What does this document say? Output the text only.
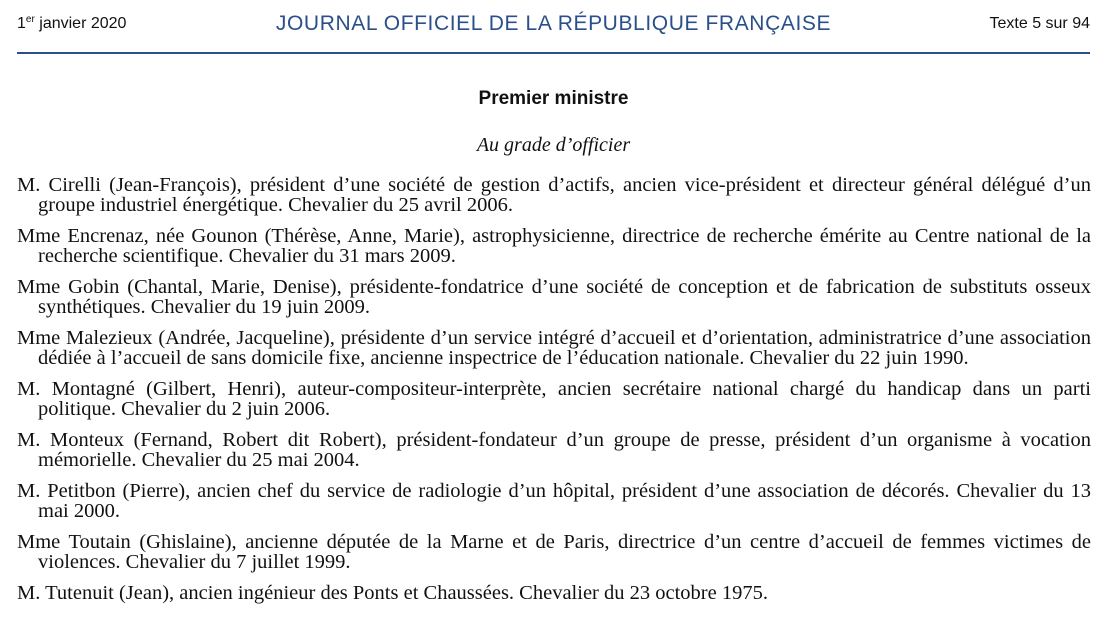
1er janvier 2020	JOURNAL OFFICIEL DE LA RÉPUBLIQUE FRANÇAISE	Texte 5 sur 94
Premier ministre
Au grade d’officier
M. Cirelli (Jean-François), président d’une société de gestion d’actifs, ancien vice-président et directeur général délégué d’un groupe industriel énergétique. Chevalier du 25 avril 2006.
Mme Encrenaz, née Gounon (Thérèse, Anne, Marie), astrophysicienne, directrice de recherche émérite au Centre national de la recherche scientifique. Chevalier du 31 mars 2009.
Mme Gobin (Chantal, Marie, Denise), présidente-fondatrice d’une société de conception et de fabrication de substituts osseux synthétiques. Chevalier du 19 juin 2009.
Mme Malezieux (Andrée, Jacqueline), présidente d’un service intégré d’accueil et d’orientation, administratrice d’une association dédiée à l’accueil de sans domicile fixe, ancienne inspectrice de l’éducation nationale. Chevalier du 22 juin 1990.
M. Montagné (Gilbert, Henri), auteur-compositeur-interprète, ancien secrétaire national chargé du handicap dans un parti politique. Chevalier du 2 juin 2006.
M. Monteux (Fernand, Robert dit Robert), président-fondateur d’un groupe de presse, président d’un organisme à vocation mémorielle. Chevalier du 25 mai 2004.
M. Petitbon (Pierre), ancien chef du service de radiologie d’un hôpital, président d’une association de décorés. Chevalier du 13 mai 2000.
Mme Toutain (Ghislaine), ancienne députée de la Marne et de Paris, directrice d’un centre d’accueil de femmes victimes de violences. Chevalier du 7 juillet 1999.
M. Tutenuit (Jean), ancien ingénieur des Ponts et Chaussées. Chevalier du 23 octobre 1975.
